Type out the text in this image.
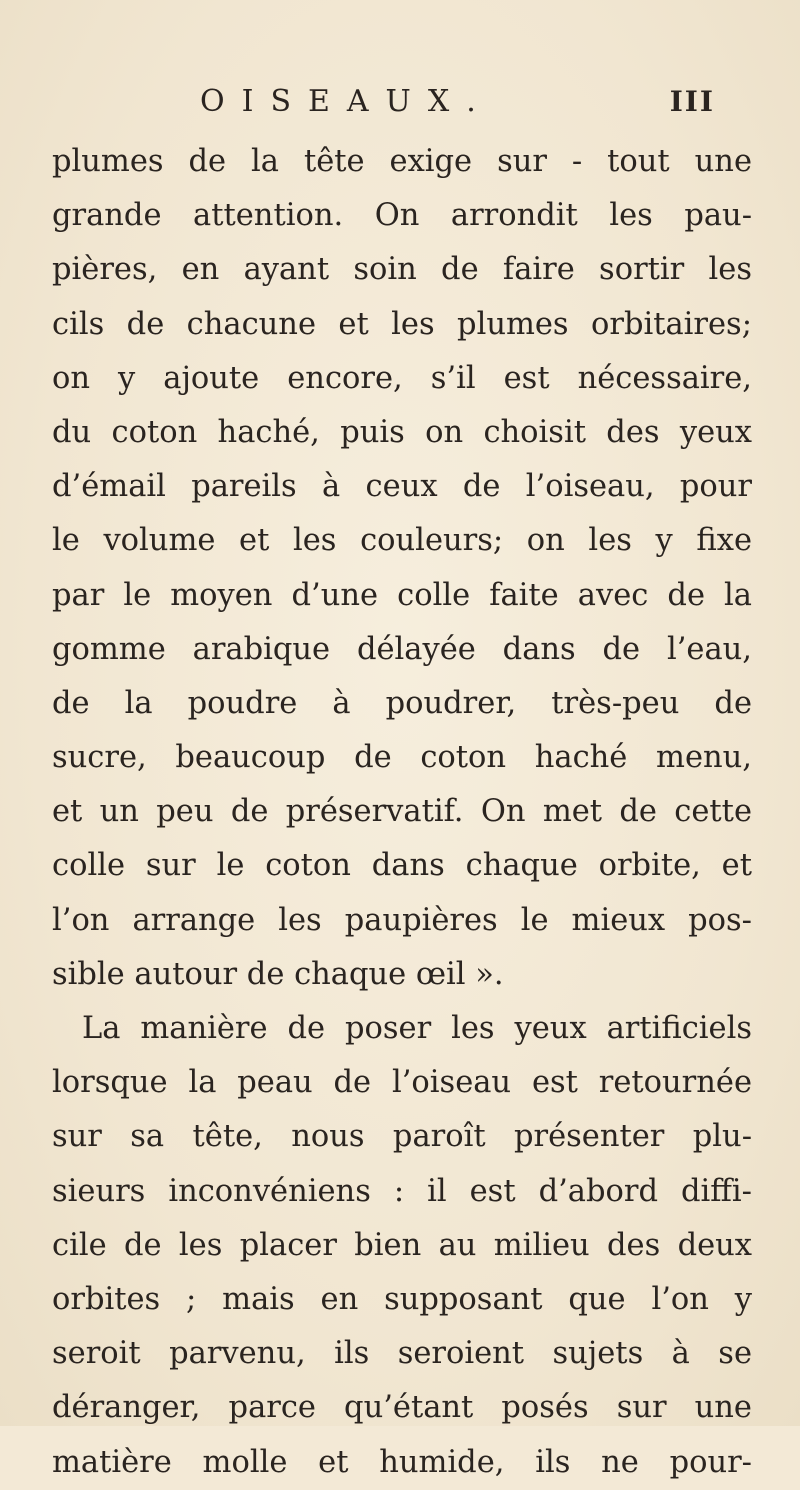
OISEAUX.	III
plumes de la tête exige sur - tout une
grande attention. On arrondit les pau-
pières, en ayant soin de faire sortir les
cils de chacune et les plumes orbitaires;
on y ajoute encore, s’il est nécessaire,
du coton haché, puis on choisit des yeux
d’émail pareils à ceux de l’oiseau, pour
le volume et les couleurs; on les y fixe
par le moyen d’une colle faite avec de la
gomme arabique délayée dans de l’eau,
de la poudre à poudrer, très-peu de
sucre, beaucoup de coton haché menu,
et un peu de préservatif. On met de cette
colle sur le coton dans chaque orbite, et
l’on arrange les paupières le mieux pos-
sible autour de chaque œil ».
La manière de poser les yeux artificiels
lorsque la peau de l’oiseau est retournée
sur sa tête, nous paroît présenter plu-
sieurs inconvéniens : il est d’abord diffi-
cile de les placer bien au milieu des deux
orbites ; mais en supposant que l’on y
seroit parvenu, ils seroient sujets à se
déranger, parce qu’étant posés sur une
matière molle et humide, ils ne pour-
